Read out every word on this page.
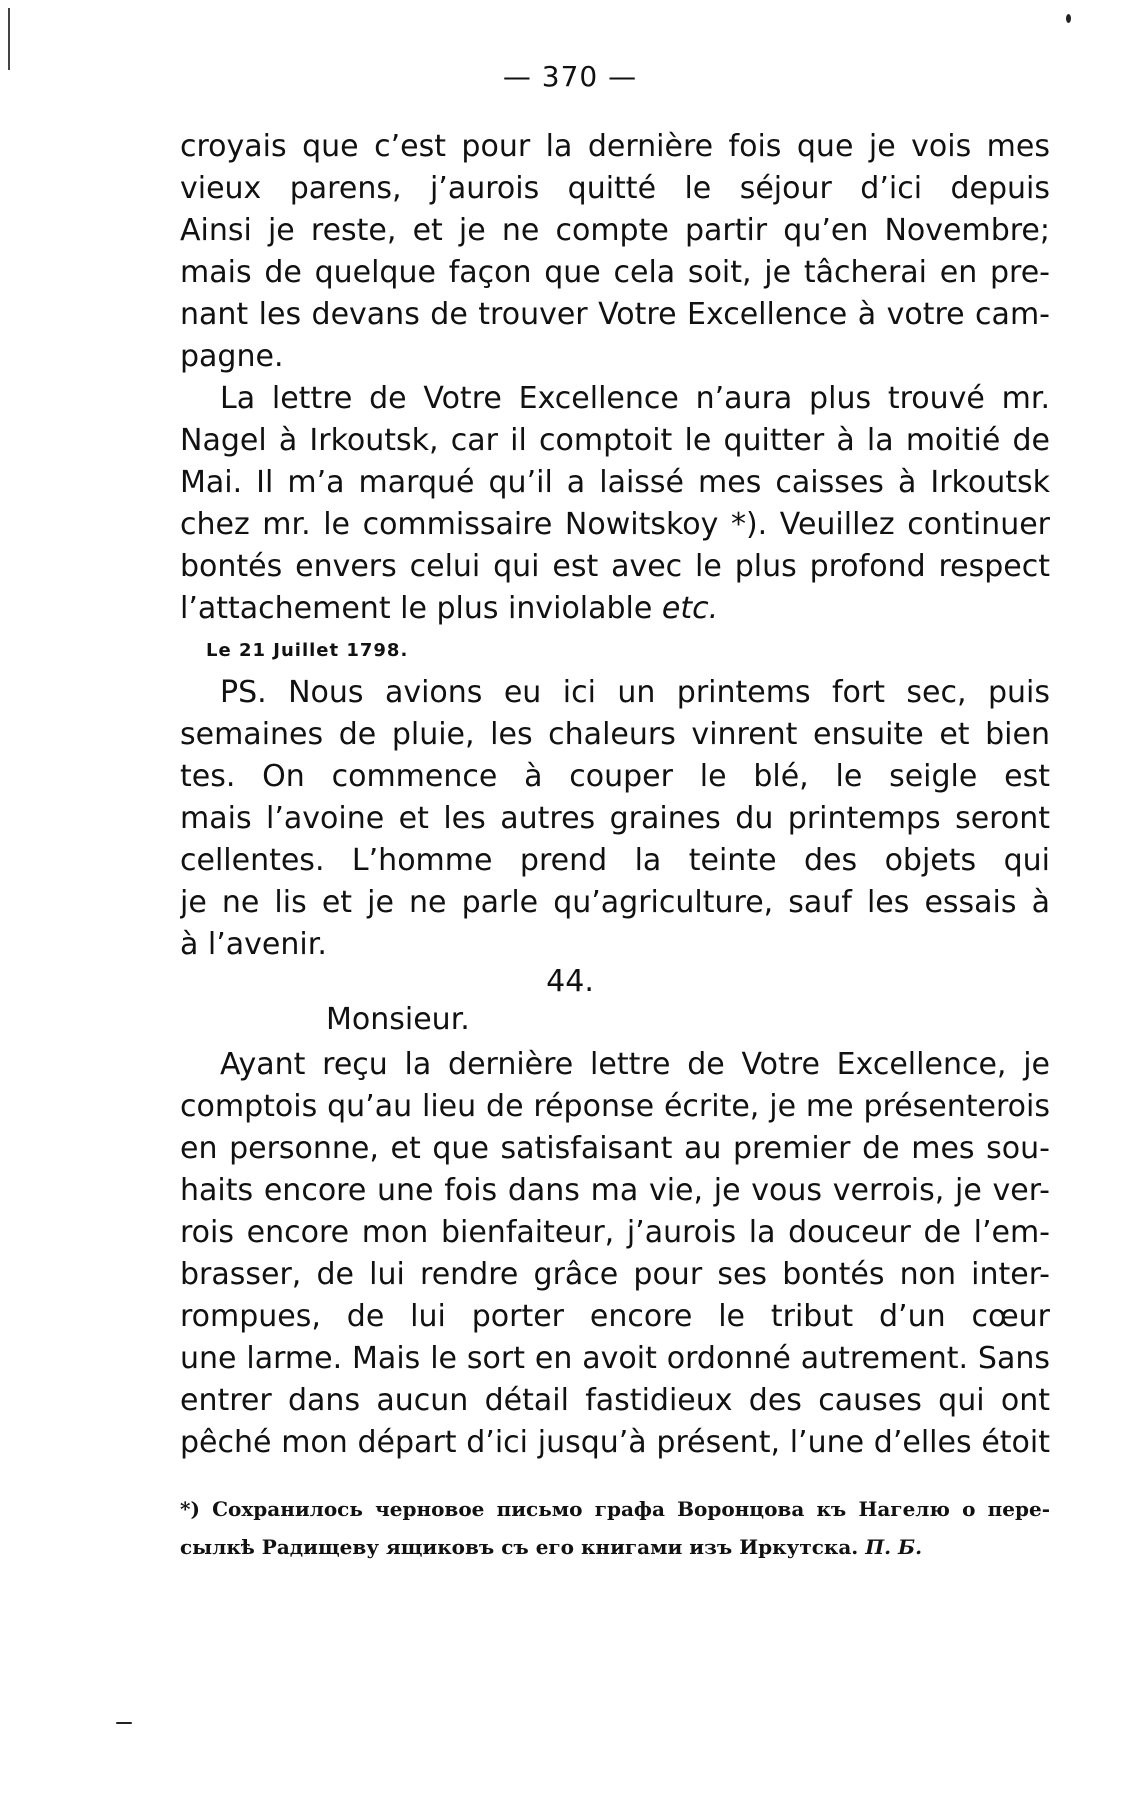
— 370 —
croyais que c’est pour la dernière fois que je vois mes
vieux parens, j’aurois quitté le séjour d’ici depuis
Ainsi je reste, et je ne compte partir qu’en Novembre;
mais de quelque façon que cela soit, je tâcherai en pre-
nant les devans de trouver Votre Excellence à votre cam-
pagne.
La lettre de Votre Excellence n’aura plus trouvé mr.
Nagel à Irkoutsk, car il comptoit le quitter à la moitié de
Mai. Il m’a marqué qu’il a laissé mes caisses à Irkoutsk
chez mr. le commissaire Nowitskoy *). Veuillez continuer
bontés envers celui qui est avec le plus profond respect
l’attachement le plus inviolable etc.
Le 21 Juillet 1798.
PS. Nous avions eu ici un printems fort sec, puis
semaines de pluie, les chaleurs vinrent ensuite et bien
tes. On commence à couper le blé, le seigle est
mais l’avoine et les autres graines du printemps seront
cellentes. L’homme prend la teinte des objets qui
je ne lis et je ne parle qu’agriculture, sauf les essais à
à l’avenir.
44.
Monsieur.
Ayant reçu la dernière lettre de Votre Excellence, je
comptois qu’au lieu de réponse écrite, je me présenterois
en personne, et que satisfaisant au premier de mes sou-
haits encore une fois dans ma vie, je vous verrois, je ver-
rois encore mon bienfaiteur, j’aurois la douceur de l’em-
brasser, de lui rendre grâce pour ses bontés non inter-
rompues, de lui porter encore le tribut d’un cœur
une larme. Mais le sort en avoit ordonné autrement. Sans
entrer dans aucun détail fastidieux des causes qui ont
pêché mon départ d’ici jusqu’à présent, l’une d’elles étoit
*) Сохранилось черновое письмо графа Воронцова къ Нагелю о пере-
сылкѣ Радищеву ящиковъ съ его книгами изъ Иркутска. П. Б.
